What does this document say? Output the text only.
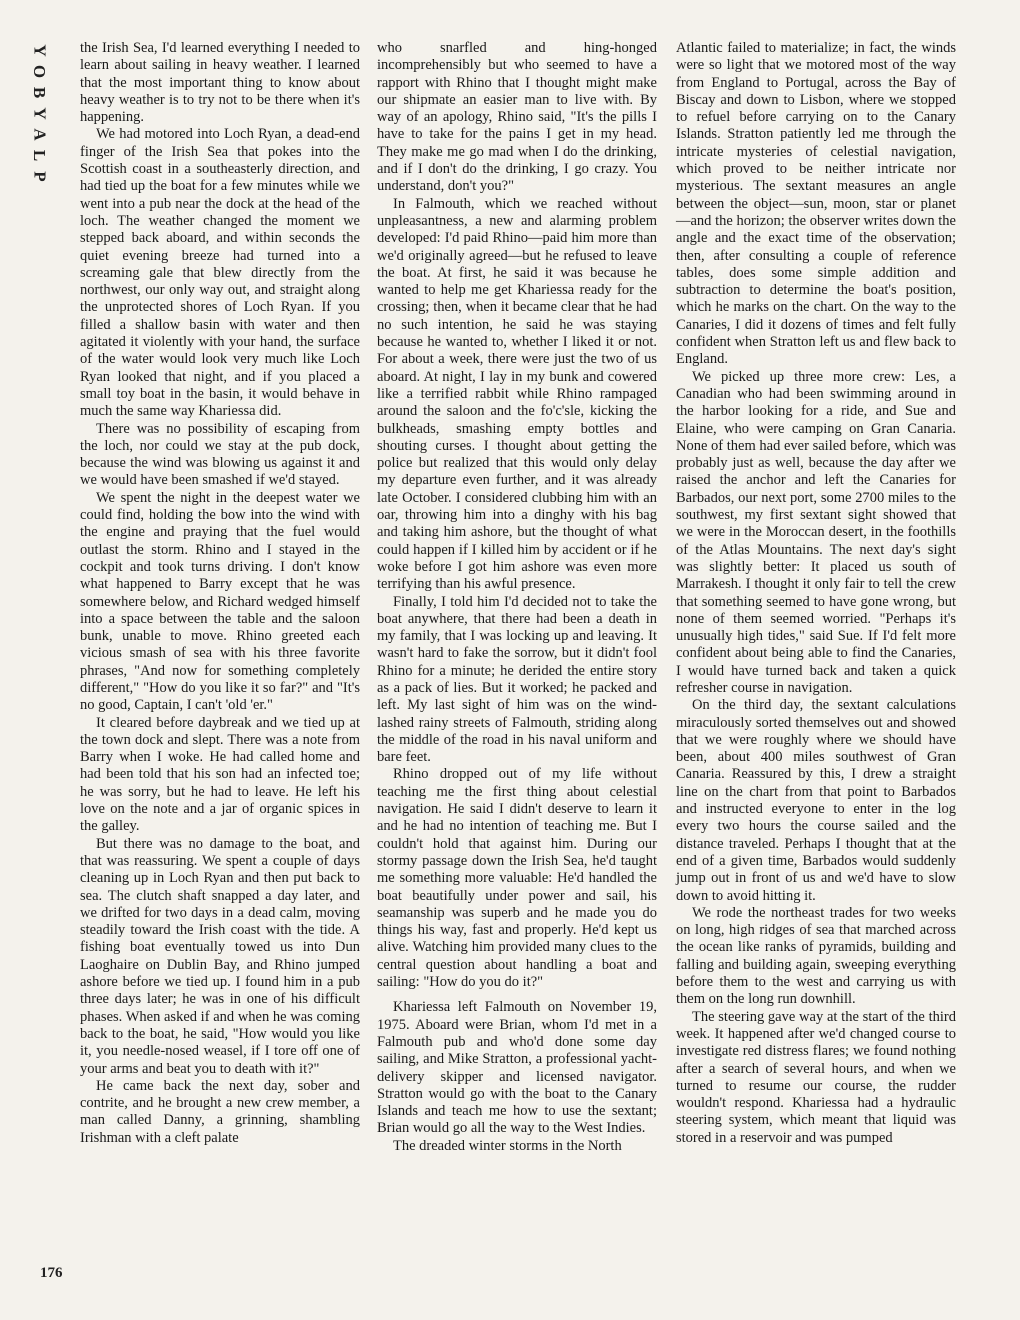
Y
O
B
Y
A
L
P

the Irish Sea, I'd learned everything I needed to learn about sailing in heavy weather. I learned that the most important thing to know about heavy weather is to try not to be there when it's happening.

We had motored into Loch Ryan, a dead-end finger of the Irish Sea that pokes into the Scottish coast in a southeasterly direction, and had tied up the boat for a few minutes while we went into a pub near the dock at the head of the loch. The weather changed the moment we stepped back aboard, and within seconds the quiet evening breeze had turned into a screaming gale that blew directly from the northwest, our only way out, and straight along the unprotected shores of Loch Ryan. If you filled a shallow basin with water and then agitated it violently with your hand, the surface of the water would look very much like Loch Ryan looked that night, and if you placed a small toy boat in the basin, it would behave in much the same way Khariessa did.

There was no possibility of escaping from the loch, nor could we stay at the pub dock, because the wind was blowing us against it and we would have been smashed if we'd stayed.

We spent the night in the deepest water we could find, holding the bow into the wind with the engine and praying that the fuel would outlast the storm. Rhino and I stayed in the cockpit and took turns driving. I don't know what happened to Barry except that he was somewhere below, and Richard wedged himself into a space between the table and the saloon bunk, unable to move. Rhino greeted each vicious smash of sea with his three favorite phrases, "And now for something completely different," "How do you like it so far?" and "It's no good, Captain, I can't 'old 'er."

It cleared before daybreak and we tied up at the town dock and slept. There was a note from Barry when I woke. He had called home and had been told that his son had an infected toe; he was sorry, but he had to leave. He left his love on the note and a jar of organic spices in the galley.

But there was no damage to the boat, and that was reassuring. We spent a couple of days cleaning up in Loch Ryan and then put back to sea. The clutch shaft snapped a day later, and we drifted for two days in a dead calm, moving steadily toward the Irish coast with the tide. A fishing boat eventually towed us into Dun Laoghaire on Dublin Bay, and Rhino jumped ashore before we tied up. I found him in a pub three days later; he was in one of his difficult phases. When asked if and when he was coming back to the boat, he said, "How would you like it, you needle-nosed weasel, if I tore off one of your arms and beat you to death with it?"

He came back the next day, sober and contrite, and he brought a new crew member, a man called Danny, a grinning, shambling Irishman with a cleft palate

who snarfled and hing-honged incomprehensibly but who seemed to have a rapport with Rhino that I thought might make our shipmate an easier man to live with. By way of an apology, Rhino said, "It's the pills I have to take for the pains I get in my head. They make me go mad when I do the drinking, and if I don't do the drinking, I go crazy. You understand, don't you?"

In Falmouth, which we reached without unpleasantness, a new and alarming problem developed: I'd paid Rhino—paid him more than we'd originally agreed—but he refused to leave the boat. At first, he said it was because he wanted to help me get Khariessa ready for the crossing; then, when it became clear that he had no such intention, he said he was staying because he wanted to, whether I liked it or not. For about a week, there were just the two of us aboard. At night, I lay in my bunk and cowered like a terrified rabbit while Rhino rampaged around the saloon and the fo'c'sle, kicking the bulkheads, smashing empty bottles and shouting curses. I thought about getting the police but realized that this would only delay my departure even further, and it was already late October. I considered clubbing him with an oar, throwing him into a dinghy with his bag and taking him ashore, but the thought of what could happen if I killed him by accident or if he woke before I got him ashore was even more terrifying than his awful presence.

Finally, I told him I'd decided not to take the boat anywhere, that there had been a death in my family, that I was locking up and leaving. It wasn't hard to fake the sorrow, but it didn't fool Rhino for a minute; he derided the entire story as a pack of lies. But it worked; he packed and left. My last sight of him was on the wind-lashed rainy streets of Falmouth, striding along the middle of the road in his naval uniform and bare feet.

Rhino dropped out of my life without teaching me the first thing about celestial navigation. He said I didn't deserve to learn it and he had no intention of teaching me. But I couldn't hold that against him. During our stormy passage down the Irish Sea, he'd taught me something more valuable: He'd handled the boat beautifully under power and sail, his seamanship was superb and he made you do things his way, fast and properly. He'd kept us alive. Watching him provided many clues to the central question about handling a boat and sailing: "How do you do it?"

Khariessa left Falmouth on November 19, 1975. Aboard were Brian, whom I'd met in a Falmouth pub and who'd done some day sailing, and Mike Stratton, a professional yacht-delivery skipper and licensed navigator. Stratton would go with the boat to the Canary Islands and teach me how to use the sextant; Brian would go all the way to the West Indies.

The dreaded winter storms in the North

Atlantic failed to materialize; in fact, the winds were so light that we motored most of the way from England to Portugal, across the Bay of Biscay and down to Lisbon, where we stopped to refuel before carrying on to the Canary Islands. Stratton patiently led me through the intricate mysteries of celestial navigation, which proved to be neither intricate nor mysterious. The sextant measures an angle between the object—sun, moon, star or planet—and the horizon; the observer writes down the angle and the exact time of the observation; then, after consulting a couple of reference tables, does some simple addition and subtraction to determine the boat's position, which he marks on the chart. On the way to the Canaries, I did it dozens of times and felt fully confident when Stratton left us and flew back to England.

We picked up three more crew: Les, a Canadian who had been swimming around in the harbor looking for a ride, and Sue and Elaine, who were camping on Gran Canaria. None of them had ever sailed before, which was probably just as well, because the day after we raised the anchor and left the Canaries for Barbados, our next port, some 2700 miles to the southwest, my first sextant sight showed that we were in the Moroccan desert, in the foothills of the Atlas Mountains. The next day's sight was slightly better: It placed us south of Marrakesh. I thought it only fair to tell the crew that something seemed to have gone wrong, but none of them seemed worried. "Perhaps it's unusually high tides," said Sue. If I'd felt more confident about being able to find the Canaries, I would have turned back and taken a quick refresher course in navigation.

On the third day, the sextant calculations miraculously sorted themselves out and showed that we were roughly where we should have been, about 400 miles southwest of Gran Canaria. Reassured by this, I drew a straight line on the chart from that point to Barbados and instructed everyone to enter in the log every two hours the course sailed and the distance traveled. Perhaps I thought that at the end of a given time, Barbados would suddenly jump out in front of us and we'd have to slow down to avoid hitting it.

We rode the northeast trades for two weeks on long, high ridges of sea that marched across the ocean like ranks of pyramids, building and falling and building again, sweeping everything before them to the west and carrying us with them on the long run downhill.

The steering gave way at the start of the third week. It happened after we'd changed course to investigate red distress flares; we found nothing after a search of several hours, and when we turned to resume our course, the rudder wouldn't respond. Khariessa had a hydraulic steering system, which meant that liquid was stored in a reservoir and was pumped

176
